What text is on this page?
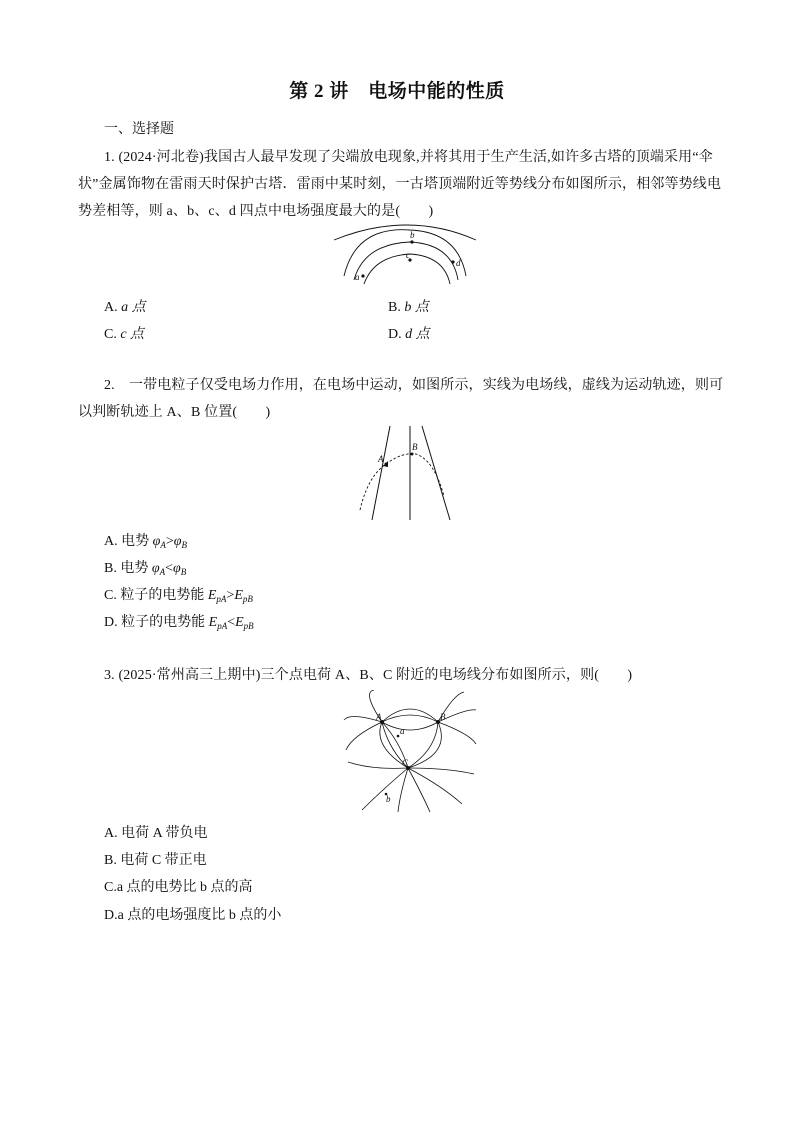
第 2 讲　电场中能的性质
一、选择题
1. (2024·河北卷)我国古人最早发现了尖端放电现象,并将其用于生产生活,如许多古塔的顶端采用“伞
状”金属饰物在雷雨天时保护古塔．雷雨中某时刻，一古塔顶端附近等势线分布如图所示，相邻等势线电
势差相等，则 a、b、c、d 四点中电场强度最大的是(　　)
b
c
a
d
A. a 点	B. b 点
C. c 点	D. d 点
2.　一带电粒子仅受电场力作用，在电场中运动，如图所示，实线为电场线，虚线为运动轨迹，则可
以判断轨迹上 A、B 位置(　　)
A
B
A. 电势 $\varphi_A>\varphi_B$
B. 电势 $\varphi_A<\varphi_B$
C. 粒子的电势能 $E_{pA}>E_{pB}$
D. 粒子的电势能 $E_{pA}<E_{pB}$
3. (2025·常州高三上期中)三个点电荷 A、B、C 附近的电场线分布如图所示，则(　　)
A	B
C
a
b
A. 电荷 A 带负电
B. 电荷 C 带正电
C.a 点的电势比 b 点的高
D.a 点的电场强度比 b 点的小
